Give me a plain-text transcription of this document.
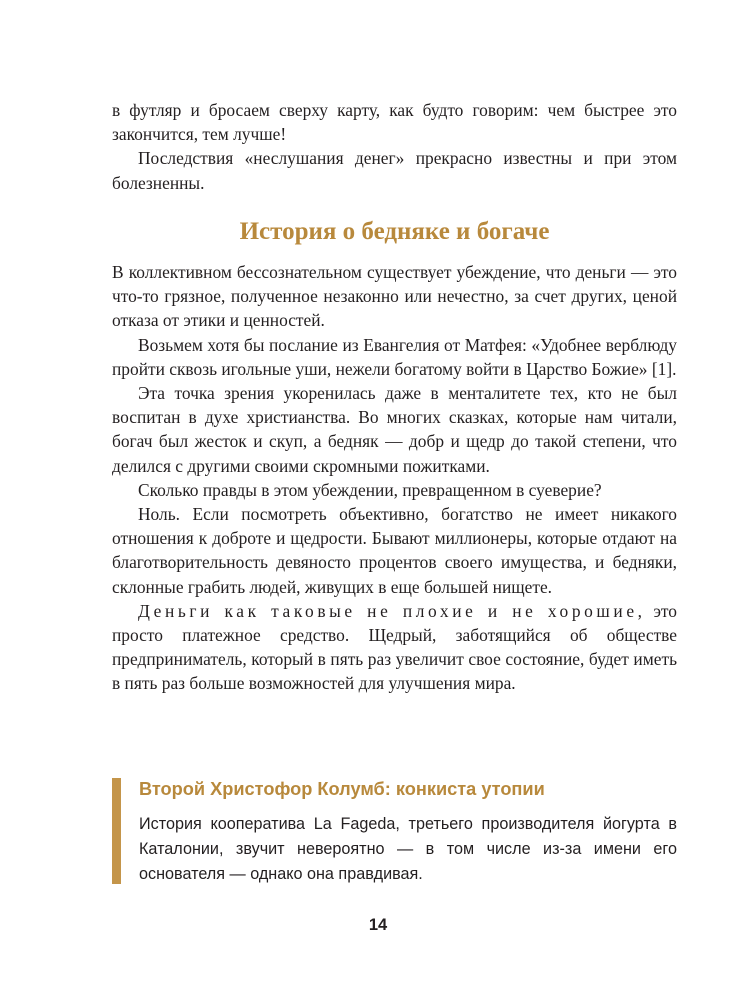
в футляр и бросаем сверху карту, как будто говорим: чем быстрее это закончится, тем лучше!

Последствия «неслушания денег» прекрасно известны и при этом болезненны.

История о бедняке и богаче

В коллективном бессознательном существует убеждение, что деньги — это что-то грязное, полученное незаконно или нечестно, за счет других, ценой отказа от этики и ценностей.

Возьмем хотя бы послание из Евангелия от Матфея: «Удобнее верблюду пройти сквозь игольные уши, нежели богатому войти в Царство Божие» [1].

Эта точка зрения укоренилась даже в менталитете тех, кто не был воспитан в духе христианства. Во многих сказках, которые нам читали, богач был жесток и скуп, а бедняк — добр и щедр до такой степени, что делился с другими своими скромными пожитками.

Сколько правды в этом убеждении, превращенном в суеверие?

Ноль. Если посмотреть объективно, богатство не имеет никакого отношения к доброте и щедрости. Бывают миллионеры, которые отдают на благотворительность девяносто процентов своего имущества, и бедняки, склонные грабить людей, живущих в еще большей нищете.

Деньги как таковые не плохие и не хорошие, это просто платежное средство. Щедрый, заботящийся об обществе предприниматель, который в пять раз увеличит свое состояние, будет иметь в пять раз больше возможностей для улучшения мира.

Второй Христофор Колумб: конкиста утопии

История кооператива La Fageda, третьего производителя йогурта в Каталонии, звучит невероятно — в том числе из-за имени его основателя — однако она правдивая.

14
